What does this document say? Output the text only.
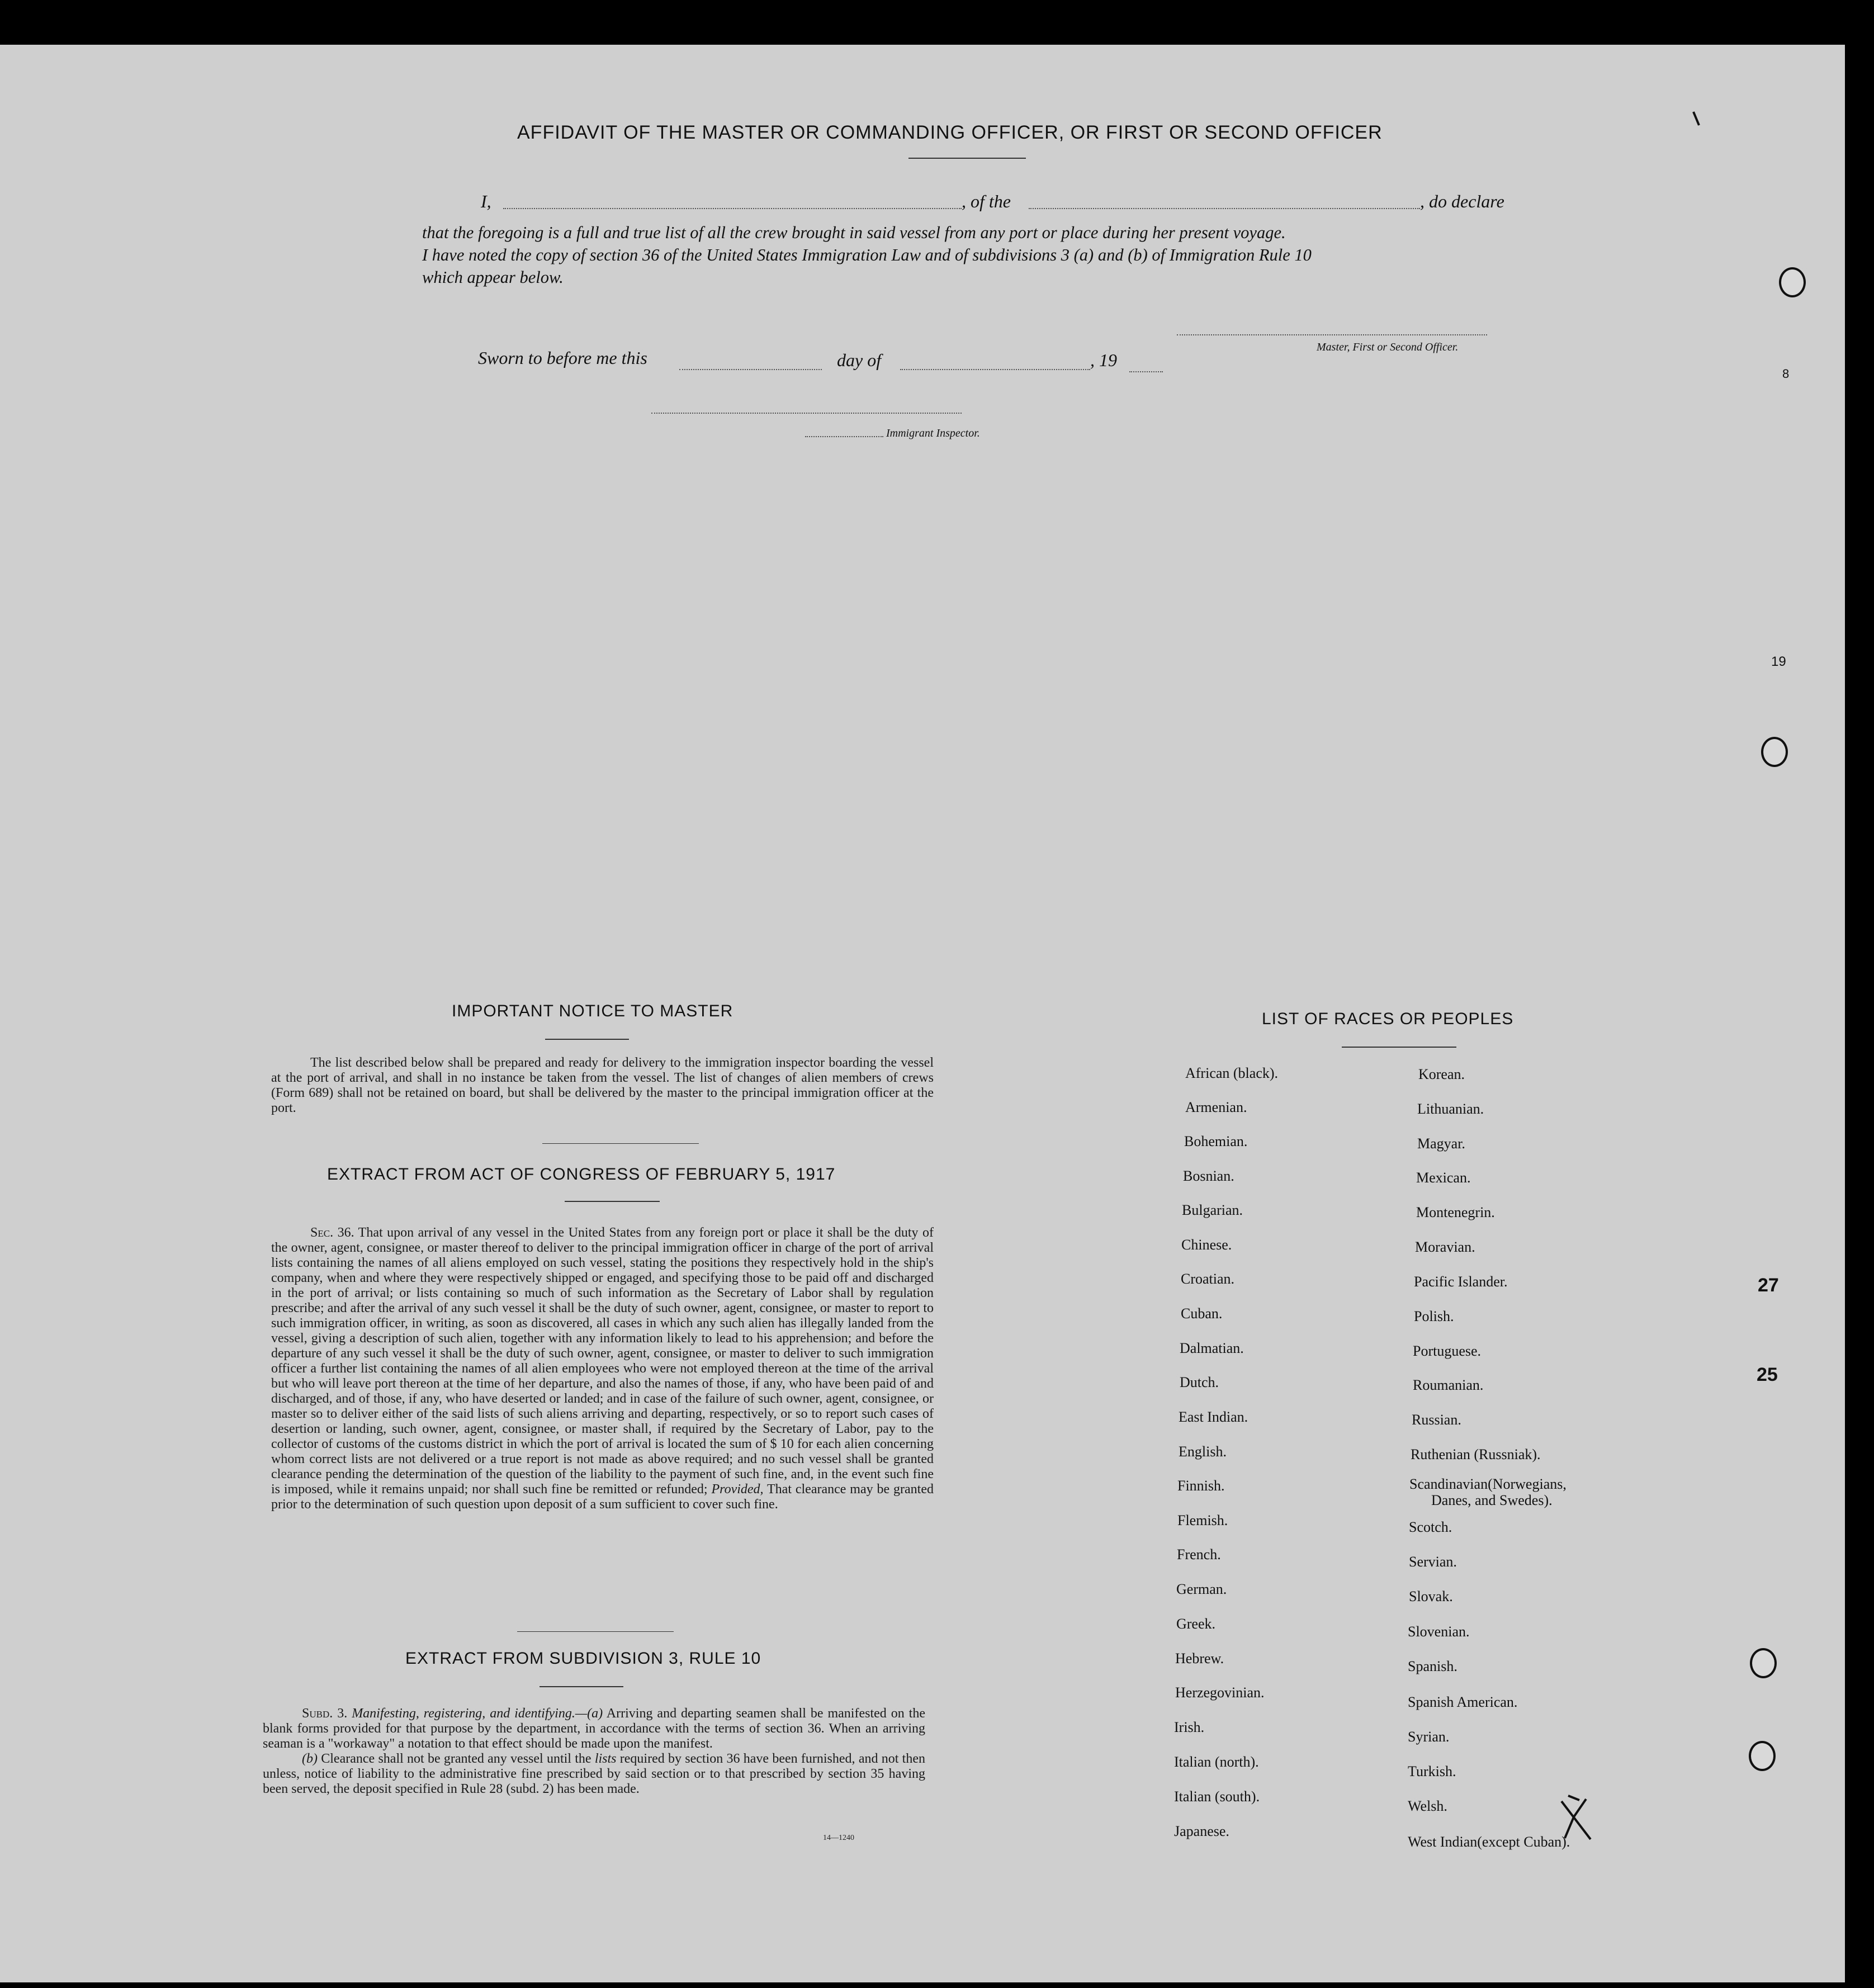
AFFIDAVIT OF THE MASTER OR COMMANDING OFFICER, OR FIRST OR SECOND OFFICER
I,	, of the	, do declare
that the foregoing is a full and true list of all the crew brought in said vessel from any port or place during her present voyage.
I have noted the copy of section 36 of the United States Immigration Law and of subdivisions 3 (a) and (b) of Immigration Rule 10
which appear below.
Master, First or Second Officer.
Sworn to before me this	day of	, 19
Immigrant Inspector.
IMPORTANT NOTICE TO MASTER

The list described below shall be prepared and ready for delivery to the immigration inspector boarding the vessel at the port of arrival, and shall in no instance be taken from the vessel. The list of changes of alien members of crews (Form 689) shall not be retained on board, but shall be delivered by the master to the principal immigration officer at the port.

EXTRACT FROM ACT OF CONGRESS OF FEBRUARY 5, 1917

Sec. 36. That upon arrival of any vessel in the United States from any foreign port or place it shall be the duty of the owner, agent, consignee, or master thereof to deliver to the principal immigration officer in charge of the port of arrival lists containing the names of all aliens employed on such vessel, stating the positions they respectively hold in the ship's company, when and where they were respectively shipped or engaged, and specifying those to be paid off and discharged in the port of arrival; or lists containing so much of such information as the Secretary of Labor shall by regulation prescribe; and after the arrival of any such vessel it shall be the duty of such owner, agent, consignee, or master to report to such immigration officer, in writing, as soon as discovered, all cases in which any such alien has illegally landed from the vessel, giving a description of such alien, together with any information likely to lead to his apprehension; and before the departure of any such vessel it shall be the duty of such owner, agent, consignee, or master to deliver to such immigration officer a further list containing the names of all alien employees who were not employed thereon at the time of the arrival but who will leave port thereon at the time of her departure, and also the names of those, if any, who have been paid of and discharged, and of those, if any, who have deserted or landed; and in case of the failure of such owner, agent, consignee, or master so to deliver either of the said lists of such aliens arriving and departing, respectively, or so to report such cases of desertion or landing, such owner, agent, consignee, or master shall, if required by the Secretary of Labor, pay to the collector of customs of the customs district in which the port of arrival is located the sum of $ 10 for each alien concerning whom correct lists are not delivered or a true report is not made as above required; and no such vessel shall be granted clearance pending the determination of the question of the liability to the payment of such fine, and, in the event such fine is imposed, while it remains unpaid; nor shall such fine be remitted or refunded; Provided, That clearance may be granted prior to the determination of such question upon deposit of a sum sufficient to cover such fine.

EXTRACT FROM SUBDIVISION 3, RULE 10

Subd. 3. Manifesting, registering, and identifying.—(a) Arriving and departing seamen shall be manifested on the blank forms provided for that purpose by the department, in accordance with the terms of section 36. When an arriving seaman is a "workaway" a notation to that effect should be made upon the manifest.

(b) Clearance shall not be granted any vessel until the lists required by section 36 have been furnished, and not then unless, notice of liability to the administrative fine prescribed by said section or to that prescribed by section 35 having been served, the deposit specified in Rule 28 (subd. 2) has been made.

14—1240
LIST OF RACES OR PEOPLES
African (black).
Armenian.
Bohemian.
Bosnian.
Bulgarian.
Chinese.
Croatian.
Cuban.
Dalmatian.
Dutch.
East Indian.
English.
Finnish.
Flemish.
French.
German.
Greek.
Hebrew.
Herzegovinian.
Irish.
Italian (north).
Italian (south).
Japanese.
Korean.
Lithuanian.
Magyar.
Mexican.
Montenegrin.
Moravian.
Pacific Islander.
Polish.
Portuguese.
Roumanian.
Russian.
Ruthenian (Russniak).
Scandinavian(Norwegians,
Danes, and Swedes).
Scotch.
Servian.
Slovak.
Slovenian.
Spanish.
Spanish American.
Syrian.
Turkish.
Welsh.
West Indian(except Cuban).
8
19
27
25
